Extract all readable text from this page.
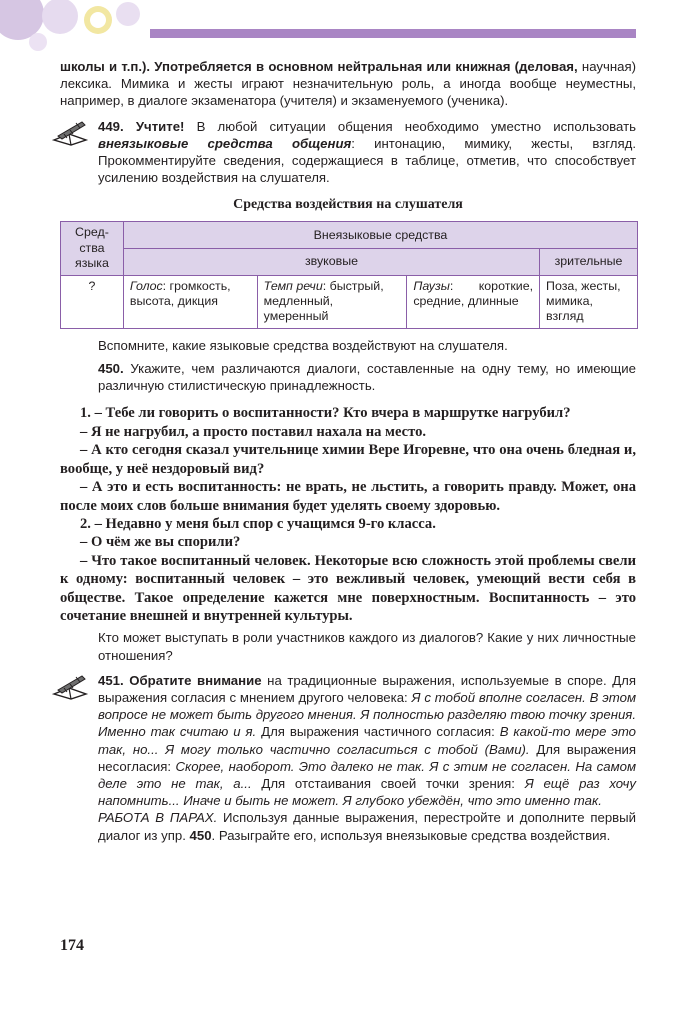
школы и т.п.). Употребляется в основном нейтральная или книжная (деловая, научная) лексика. Мимика и жесты играют незначительную роль, а иногда вообще неуместны, например, в диалоге экзаменатора (учителя) и экзаменуемого (ученика).
449. Учтите! В любой ситуации общения необходимо уместно использовать внеязыковые средства общения: интонацию, мимику, жесты, взгляд. Прокомментируйте сведения, содержащиеся в таблице, отметив, что способствует усилению воздействия на слушателя.
Средства воздействия на слушателя
Сред-ства языка	Внеязыковые средства			
	звуковые			зрительные
?	Голос: громкость, высота, дикция	Темп речи: быстрый, медленный, умеренный	Паузы: короткие, средние, длинные	Поза, жесты, мимика, взгляд
Вспомните, какие языковые средства воздействуют на слушателя.
450. Укажите, чем различаются диалоги, составленные на одну тему, но имеющие различную стилистическую принадлежность.
1. – Тебе ли говорить о воспитанности? Кто вчера в маршрутке нагрубил?
– Я не нагрубил, а просто поставил нахала на место.
– А кто сегодня сказал учительнице химии Вере Игоревне, что она очень бледная и, вообще, у неё нездоровый вид?
– А это и есть воспитанность: не врать, не льстить, а говорить правду. Может, она после моих слов больше внимания будет уделять своему здоровью.
2. – Недавно у меня был спор с учащимся 9-го класса.
– О чём же вы спорили?
– Что такое воспитанный человек. Некоторые всю сложность этой проблемы свели к одному: воспитанный человек – это вежливый человек, умеющий вести себя в обществе. Такое определение кажется мне поверхностным. Воспитанность – это сочетание внешней и внутренней культуры.
Кто может выступать в роли участников каждого из диалогов? Какие у них личностные отношения?
451. Обратите внимание на традиционные выражения, используемые в споре. Для выражения согласия с мнением другого человека: Я с тобой вполне согласен. В этом вопросе не может быть другого мнения. Я полностью разделяю твою точку зрения. Именно так считаю и я. Для выражения частичного согласия: В какой-то мере это так, но... Я могу только частично согласиться с тобой (Вами). Для выражения несогласия: Скорее, наоборот. Это далеко не так. Я с этим не согласен. На самом деле это не так, а... Для отстаивания своей точки зрения: Я ещё раз хочу напомнить... Иначе и быть не может. Я глубоко убеждён, что это именно так.
РАБОТА В ПАРАХ. Используя данные выражения, перестройте и дополните первый диалог из упр. 450. Разыграйте его, используя внеязыковые средства воздействия.
174
